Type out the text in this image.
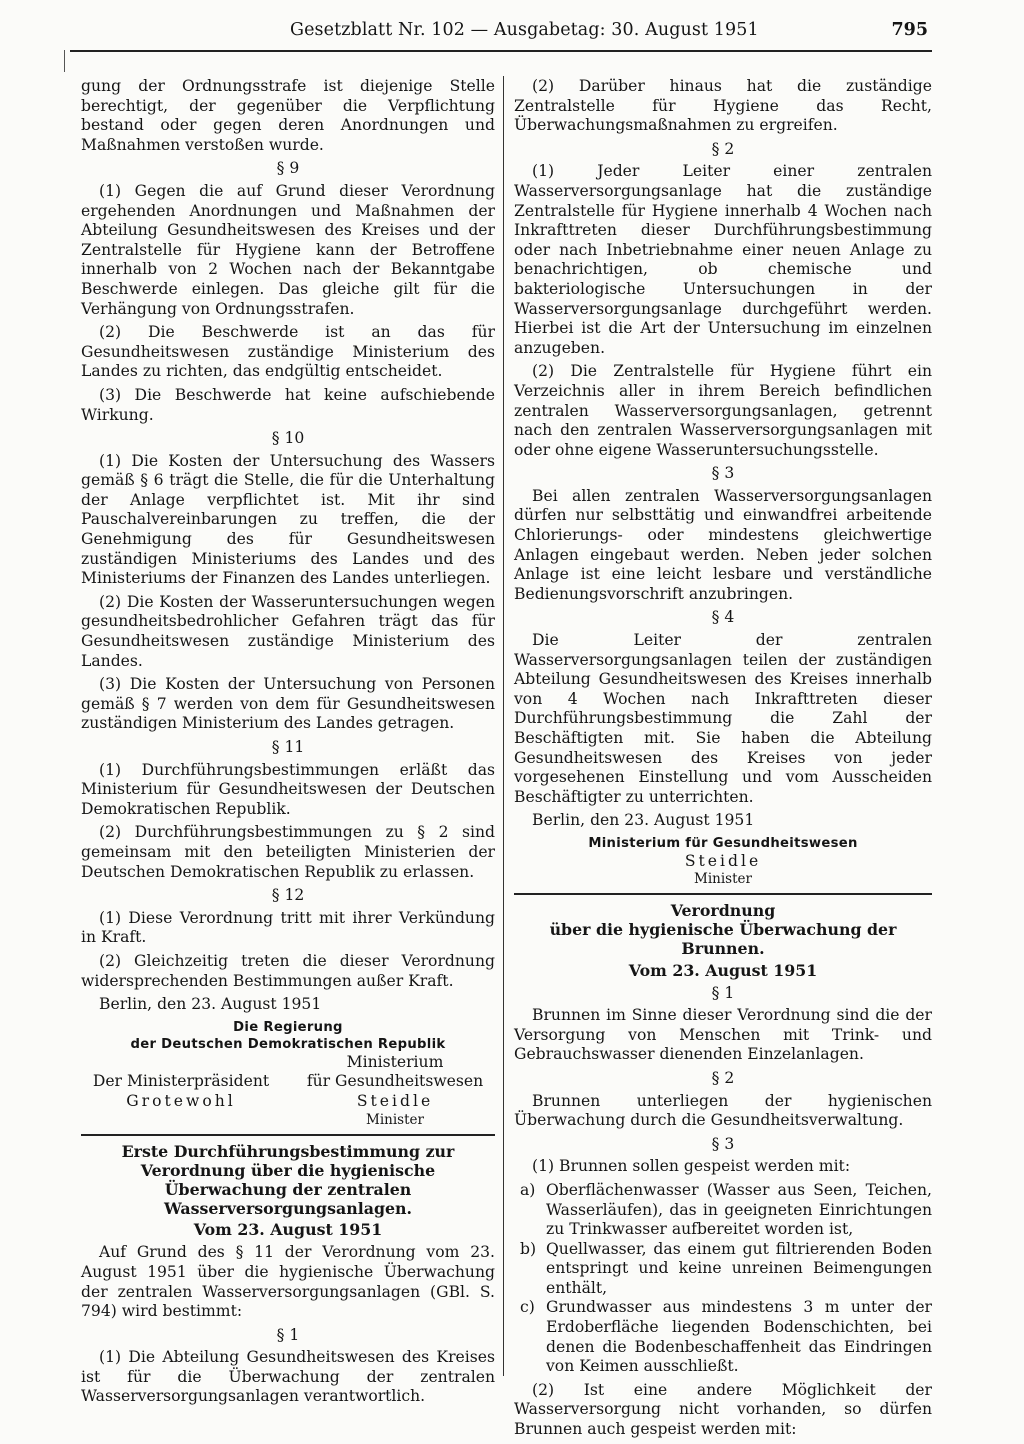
Gesetzblatt Nr. 102 — Ausgabetag: 30. August 1951	795

gung der Ordnungsstrafe ist diejenige Stelle berechtigt, der gegenüber die Verpflichtung bestand oder gegen deren Anordnungen und Maßnahmen verstoßen wurde.

§ 9

(1) Gegen die auf Grund dieser Verordnung ergehenden Anordnungen und Maßnahmen der Abteilung Gesundheitswesen des Kreises und der Zentralstelle für Hygiene kann der Betroffene innerhalb von 2 Wochen nach der Bekanntgabe Beschwerde einlegen. Das gleiche gilt für die Verhängung von Ordnungsstrafen.

(2) Die Beschwerde ist an das für Gesundheitswesen zuständige Ministerium des Landes zu richten, das endgültig entscheidet.

(3) Die Beschwerde hat keine aufschiebende Wirkung.

§ 10

(1) Die Kosten der Untersuchung des Wassers gemäß § 6 trägt die Stelle, die für die Unterhaltung der Anlage verpflichtet ist. Mit ihr sind Pauschalvereinbarungen zu treffen, die der Genehmigung des für Gesundheitswesen zuständigen Ministeriums des Landes und des Ministeriums der Finanzen des Landes unterliegen.

(2) Die Kosten der Wasseruntersuchungen wegen gesundheitsbedrohlicher Gefahren trägt das für Gesundheitswesen zuständige Ministerium des Landes.

(3) Die Kosten der Untersuchung von Personen gemäß § 7 werden von dem für Gesundheitswesen zuständigen Ministerium des Landes getragen.

§ 11

(1) Durchführungsbestimmungen erläßt das Ministerium für Gesundheitswesen der Deutschen Demokratischen Republik.

(2) Durchführungsbestimmungen zu § 2 sind gemeinsam mit den beteiligten Ministerien der Deutschen Demokratischen Republik zu erlassen.

§ 12

(1) Diese Verordnung tritt mit ihrer Verkündung in Kraft.

(2) Gleichzeitig treten die dieser Verordnung widersprechenden Bestimmungen außer Kraft.

Berlin, den 23. August 1951

Die Regierung
der Deutschen Demokratischen Republik

Ministerium
Der Ministerpräsident	für Gesundheitswesen
Grotewohl	Steidle

Minister
Erste Durchführungsbestimmung zur Verordnung über die hygienische Überwachung der zentralen Wasserversorgungsanlagen.
Vom 23. August 1951

Auf Grund des § 11 der Verordnung vom 23. August 1951 über die hygienische Überwachung der zentralen Wasserversorgungsanlagen (GBl. S. 794) wird bestimmt:

§ 1

(1) Die Abteilung Gesundheitswesen des Kreises ist für die Überwachung der zentralen Wasserversorgungsanlagen verantwortlich.

(2) Darüber hinaus hat die zuständige Zentralstelle für Hygiene das Recht, Überwachungsmaßnahmen zu ergreifen.

§ 2

(1) Jeder Leiter einer zentralen Wasserversorgungsanlage hat die zuständige Zentralstelle für Hygiene innerhalb 4 Wochen nach Inkrafttreten dieser Durchführungsbestimmung oder nach Inbetriebnahme einer neuen Anlage zu benachrichtigen, ob chemische und bakteriologische Untersuchungen in der Wasserversorgungsanlage durchgeführt werden. Hierbei ist die Art der Untersuchung im einzelnen anzugeben.

(2) Die Zentralstelle für Hygiene führt ein Verzeichnis aller in ihrem Bereich befindlichen zentralen Wasserversorgungsanlagen, getrennt nach den zentralen Wasserversorgungsanlagen mit oder ohne eigene Wasseruntersuchungsstelle.

§ 3

Bei allen zentralen Wasserversorgungsanlagen dürfen nur selbsttätig und einwandfrei arbeitende Chlorierungs- oder mindestens gleichwertige Anlagen eingebaut werden. Neben jeder solchen Anlage ist eine leicht lesbare und verständliche Bedienungsvorschrift anzubringen.

§ 4

Die Leiter der zentralen Wasserversorgungsanlagen teilen der zuständigen Abteilung Gesundheitswesen des Kreises innerhalb von 4 Wochen nach Inkrafttreten dieser Durchführungsbestimmung die Zahl der Beschäftigten mit. Sie haben die Abteilung Gesundheitswesen des Kreises von jeder vorgesehenen Einstellung und vom Ausscheiden Beschäftigter zu unterrichten.

Berlin, den 23. August 1951

Ministerium für Gesundheitswesen
Steidle
Minister
Verordnung
über die hygienische Überwachung der Brunnen.
Vom 23. August 1951
§ 1

Brunnen im Sinne dieser Verordnung sind die der Versorgung von Menschen mit Trink- und Gebrauchswasser dienenden Einzelanlagen.

§ 2

Brunnen unterliegen der hygienischen Überwachung durch die Gesundheitsverwaltung.

§ 3

(1) Brunnen sollen gespeist werden mit:

a) Oberflächenwasser (Wasser aus Seen, Teichen, Wasserläufen), das in geeigneten Einrichtungen zu Trinkwasser aufbereitet worden ist,
b) Quellwasser, das einem gut filtrierenden Boden entspringt und keine unreinen Beimengungen enthält,
c) Grundwasser aus mindestens 3 m unter der Erdoberfläche liegenden Bodenschichten, bei denen die Bodenbeschaffenheit das Eindringen von Keimen ausschließt.

(2) Ist eine andere Möglichkeit der Wasserversorgung nicht vorhanden, so dürfen Brunnen auch gespeist werden mit:
